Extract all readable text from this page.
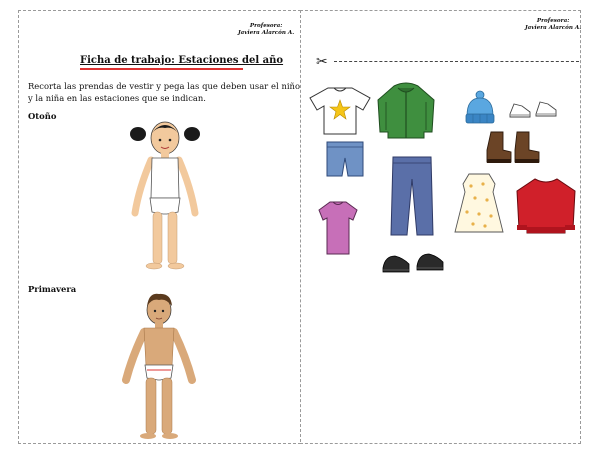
Profesora:
Javiera Alarcón A.
Ficha de trabajo: Estaciones del año
Recorta las prendas de vestir y pega las que deben usar el niño y la niña en las estaciones que se indican.
Otoño
Primavera
Profesora:
Javiera Alarcón A.
✂
